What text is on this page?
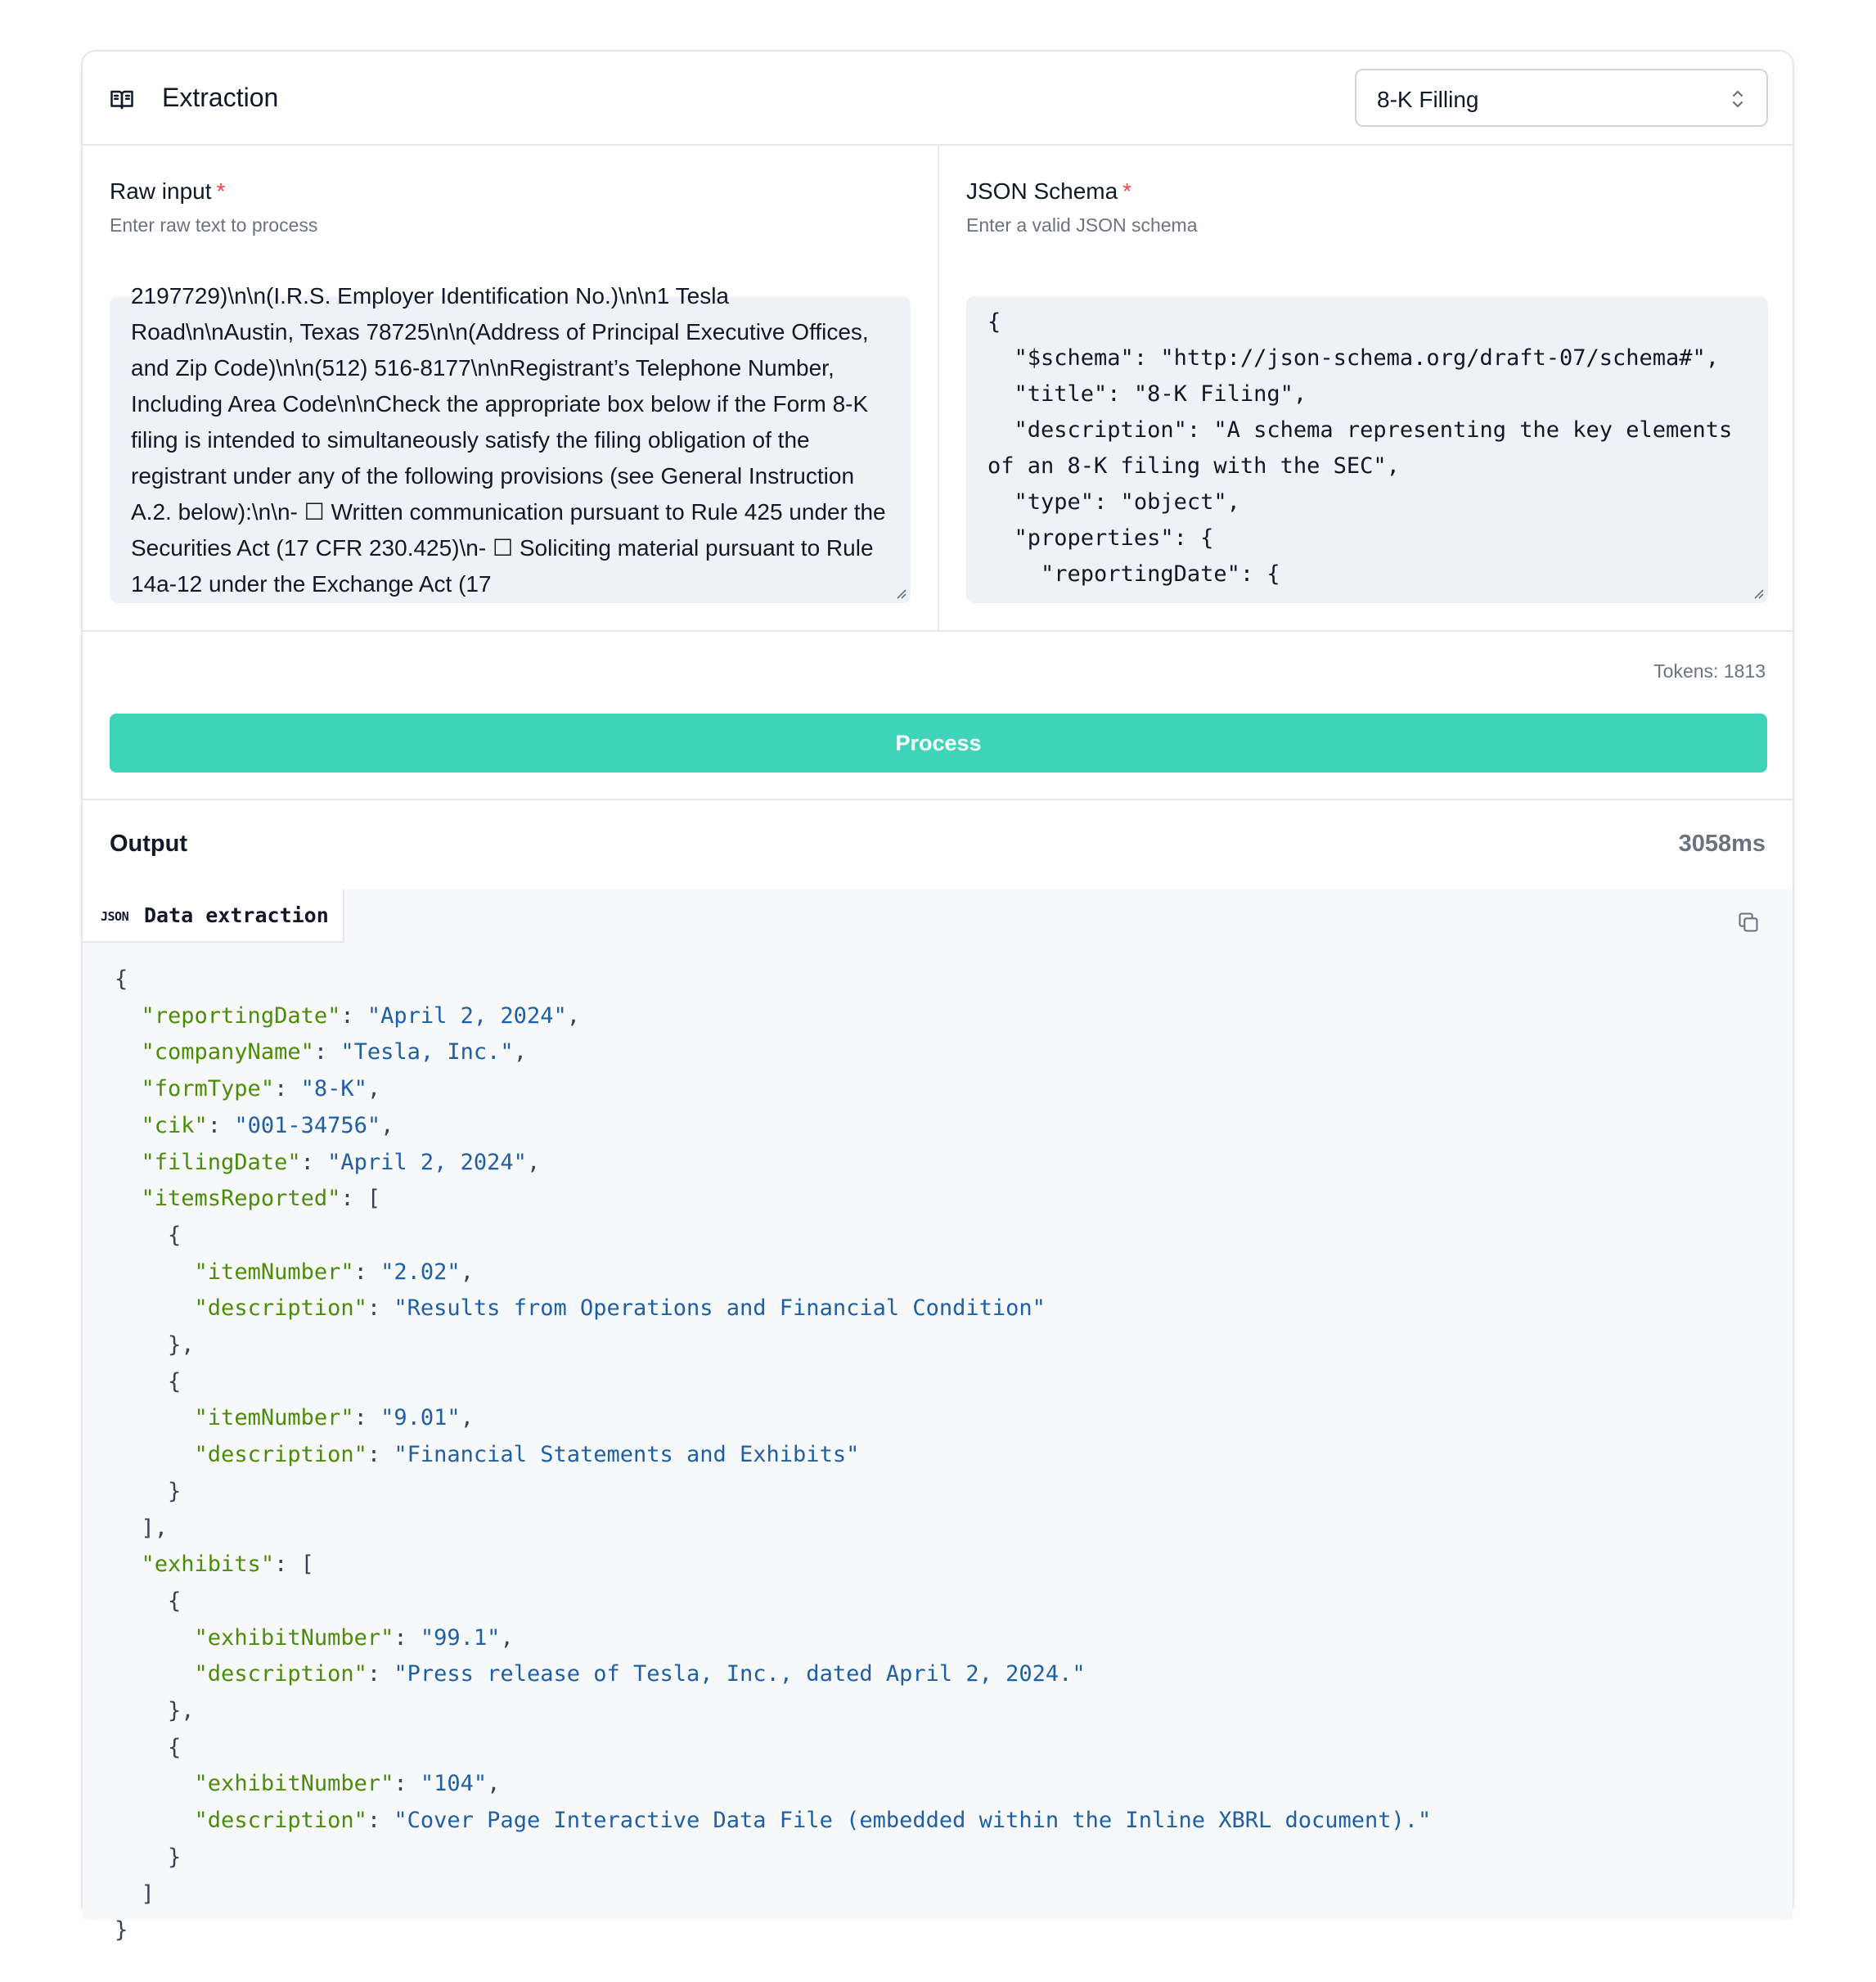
Extraction	8-K Filling
Raw input *
Enter raw text to process
2197729)\n\n(I.R.S. Employer Identification No.)\n\n1 Tesla Road\n\nAustin, Texas 78725\n\n(Address of Principal Executive Offices, and Zip Code)\n\n(512) 516-8177\n\nRegistrant’s Telephone Number, Including Area Code\n\nCheck the appropriate box below if the Form 8-K filing is intended to simultaneously satisfy the filing obligation of the registrant under any of the following provisions (see General Instruction A.2. below):\n\n- ☐ Written communication pursuant to Rule 425 under the Securities Act (17 CFR 230.425)\n- ☐ Soliciting material pursuant to Rule 14a-12 under the Exchange Act (17
JSON Schema *
Enter a valid JSON schema
{
"$schema": "http://json-schema.org/draft-07/schema#",
"title": "8-K Filing",
"description": "A schema representing the key elements of an 8-K filing with the SEC",
"type": "object",
"properties": {
"reportingDate": {
Tokens: 1813
Process
Output	3058ms
JSON Data extraction
{
"reportingDate": "April 2, 2024",
"companyName": "Tesla, Inc.",
"formType": "8-K",
"cik": "001-34756",
"filingDate": "April 2, 2024",
"itemsReported": [
{
"itemNumber": "2.02",
"description": "Results from Operations and Financial Condition"
},
{
"itemNumber": "9.01",
"description": "Financial Statements and Exhibits"
}
],
"exhibits": [
{
"exhibitNumber": "99.1",
"description": "Press release of Tesla, Inc., dated April 2, 2024."
},
{
"exhibitNumber": "104",
"description": "Cover Page Interactive Data File (embedded within the Inline XBRL document)."
}
]
}
